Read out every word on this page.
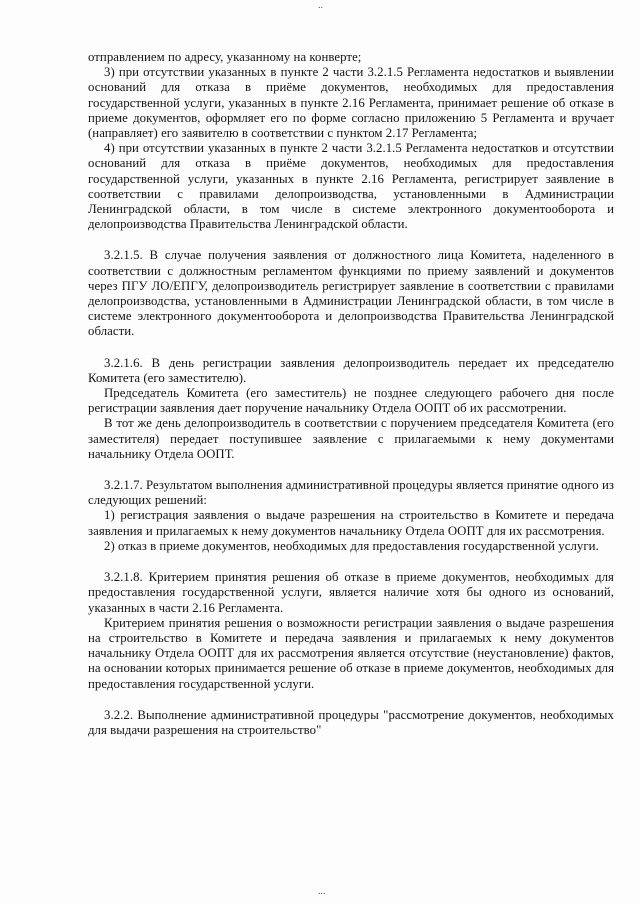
..

отправлением по адресу, указанному на конверте;

3) при отсутствии указанных в пункте 2 части 3.2.1.5 Регламента недостатков и выявлении оснований для отказа в приёме документов, необходимых для предоставления государственной услуги, указанных в пункте 2.16 Регламента, принимает решение об отказе в приеме документов, оформляет его по форме согласно приложению 5 Регламента и вручает (направляет) его заявителю в соответствии с пунктом 2.17 Регламента;

4) при отсутствии указанных в пункте 2 части 3.2.1.5 Регламента недостатков и отсутствии оснований для отказа в приёме документов, необходимых для предоставления государственной услуги, указанных в пункте 2.16 Регламента, регистрирует заявление в соответствии с правилами делопроизводства, установленными в Администрации Ленинградской области, в том числе в системе электронного документооборота и делопроизводства Правительства Ленинградской области.

3.2.1.5. В случае получения заявления от должностного лица Комитета, наделенного в соответствии с должностным регламентом функциями по приему заявлений и документов через ПГУ ЛО/ЕПГУ, делопроизводитель регистрирует заявление в соответствии с правилами делопроизводства, установленными в Администрации Ленинградской области, в том числе в системе электронного документооборота и делопроизводства Правительства Ленинградской области.

3.2.1.6. В день регистрации заявления делопроизводитель передает их председателю Комитета (его заместителю).

Председатель Комитета (его заместитель) не позднее следующего рабочего дня после регистрации заявления дает поручение начальнику Отдела ООПТ об их рассмотрении.

В тот же день делопроизводитель в соответствии с поручением председателя Комитета (его заместителя) передает поступившее заявление с прилагаемыми к нему документами начальнику Отдела ООПТ.

3.2.1.7. Результатом выполнения административной процедуры является принятие одного из следующих решений:

1) регистрация заявления о выдаче разрешения на строительство в Комитете и передача заявления и прилагаемых к нему документов начальнику Отдела ООПТ для их рассмотрения.

2) отказ в приеме документов, необходимых для предоставления государственной услуги.

3.2.1.8. Критерием принятия решения об отказе в приеме документов, необходимых для предоставления государственной услуги, является наличие хотя бы одного из оснований, указанных в части 2.16 Регламента.

Критерием принятия решения о возможности регистрации заявления о выдаче разрешения на строительство в Комитете и передача заявления и прилагаемых к нему документов начальнику Отдела ООПТ для их рассмотрения является отсутствие (неустановление) фактов, на основании которых принимается решение об отказе в приеме документов, необходимых для предоставления государственной услуги.

3.2.2. Выполнение административной процедуры "рассмотрение документов, необходимых для выдачи разрешения на строительство"

...
